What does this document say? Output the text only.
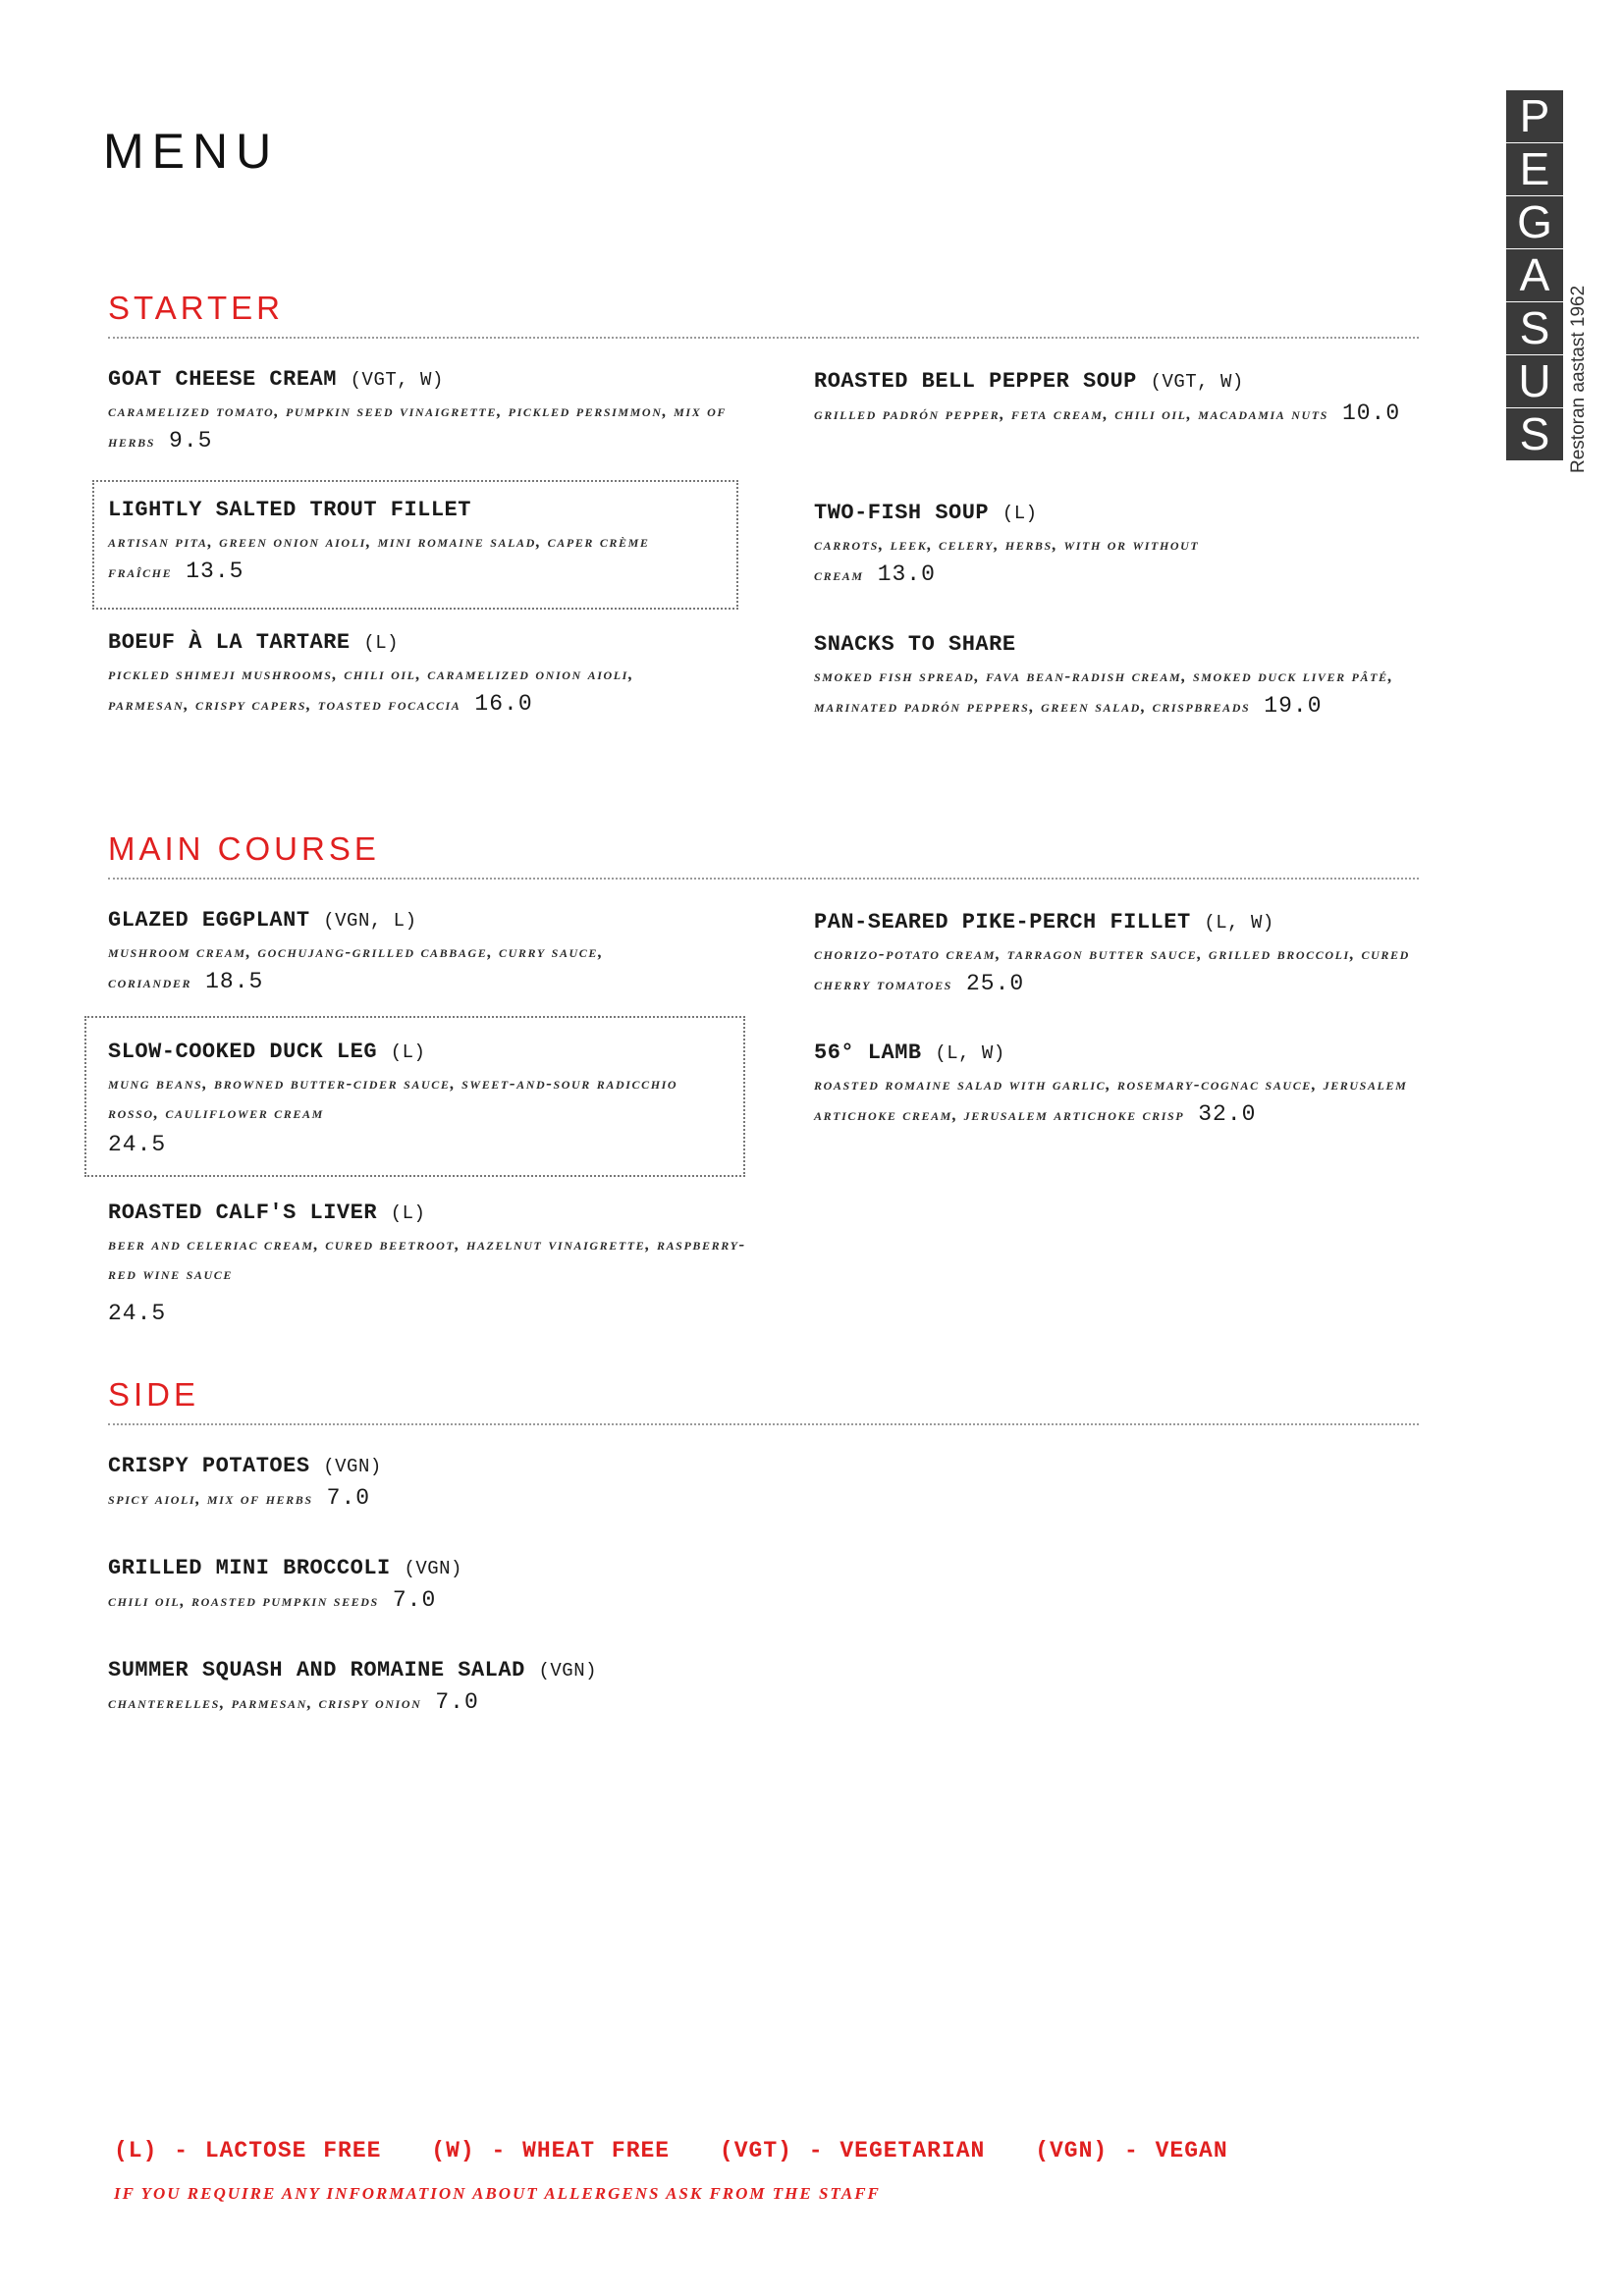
MENU
P
E
G
A
S
U
S Restoran aastast 1962
STARTER
GOAT CHEESE CREAM (VGT, W)
caramelized tomato, pumpkin seed vinaigrette, pickled persimmon, mix of herbs 9.5
ROASTED BELL PEPPER SOUP (VGT, W)
grilled padrón pepper, feta cream, chili oil, macadamia nuts 10.0
LIGHTLY SALTED TROUT FILLET
artisan pita, green onion aioli, mini romaine salad, caper crème fraîche 13.5
TWO-FISH SOUP (L)
carrots, leek, celery, herbs, with or without cream 13.0
BOEUF À LA TARTARE (L)
pickled shimeji mushrooms, chili oil, caramelized onion aioli, parmesan, crispy capers, toasted focaccia 16.0
SNACKS TO SHARE
smoked fish spread, fava bean-radish cream, smoked duck liver pâté, marinated padrón peppers, green salad, crispbreads 19.0
MAIN COURSE
GLAZED EGGPLANT (VGN, L)
mushroom cream, gochujang-grilled cabbage, curry sauce, coriander 18.5
PAN-SEARED PIKE-PERCH FILLET (L, W)
chorizo-potato cream, tarragon butter sauce, grilled broccoli, cured cherry tomatoes 25.0
SLOW-COOKED DUCK LEG (L)
mung beans, browned butter-cider sauce, sweet-and-sour radicchio rosso, cauliflower cream
24.5
56° LAMB (L, W)
roasted romaine salad with garlic, rosemary-cognac sauce, jerusalem artichoke cream, jerusalem artichoke crisp 32.0
ROASTED CALF'S LIVER (L)
beer and celeriac cream, cured beetroot, hazelnut vinaigrette, raspberry-red wine sauce
24.5
SIDE
CRISPY POTATOES (VGN)
spicy aioli, mix of herbs 7.0
GRILLED MINI BROCCOLI (VGN)
chili oil, roasted pumpkin seeds 7.0
SUMMER SQUASH AND ROMAINE SALAD (VGN)
chanterelles, parmesan, crispy onion 7.0
(L) - LACTOSE FREE (W) - WHEAT FREE (VGT) - VEGETARIAN (VGN) - VEGAN
IF YOU REQUIRE ANY INFORMATION ABOUT ALLERGENS ASK FROM THE STAFF
